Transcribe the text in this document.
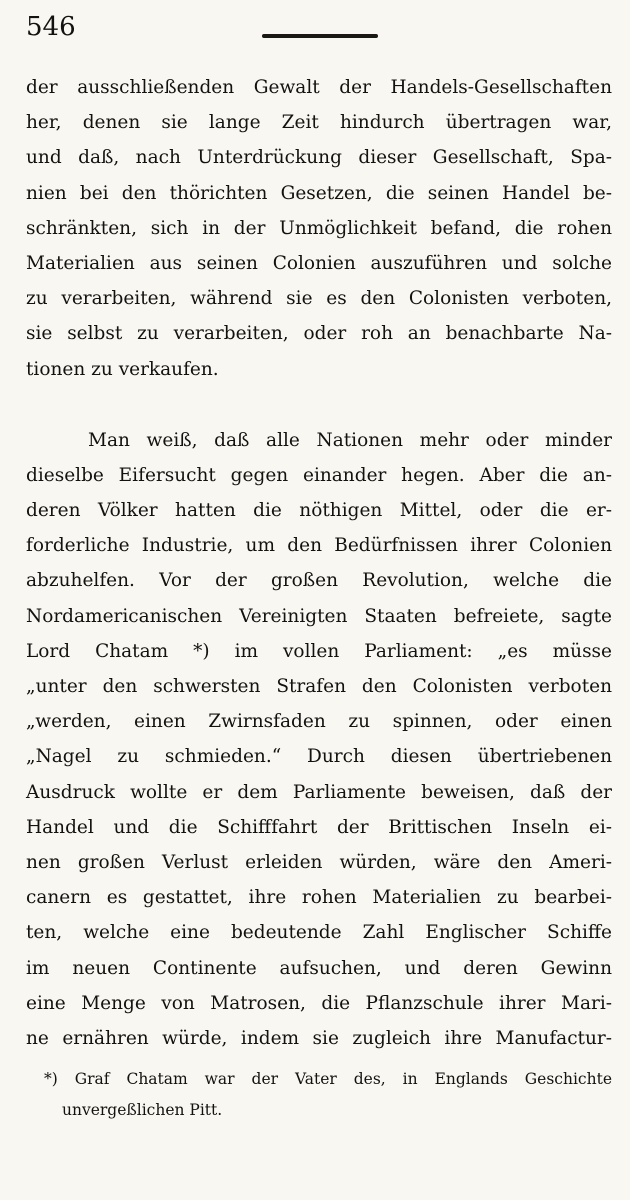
546
der ausschließenden Gewalt der Handels-Gesellschaften
her, denen sie lange Zeit hindurch übertragen war,
und daß, nach Unterdrückung dieser Gesellschaft, Spa-
nien bei den thörichten Gesetzen, die seinen Handel be-
schränkten, sich in der Unmöglichkeit befand, die rohen
Materialien aus seinen Colonien auszuführen und solche
zu verarbeiten, während sie es den Colonisten verboten,
sie selbst zu verarbeiten, oder roh an benachbarte Na-
tionen zu verkaufen.
Man weiß, daß alle Nationen mehr oder minder
dieselbe Eifersucht gegen einander hegen. Aber die an-
deren Völker hatten die nöthigen Mittel, oder die er-
forderliche Industrie, um den Bedürfnissen ihrer Colonien
abzuhelfen. Vor der großen Revolution, welche die
Nordamericanischen Vereinigten Staaten befreiete, sagte
Lord Chatam *) im vollen Parliament: „es müsse
„unter den schwersten Strafen den Colonisten verboten
„werden, einen Zwirnsfaden zu spinnen, oder einen
„Nagel zu schmieden.“ Durch diesen übertriebenen
Ausdruck wollte er dem Parliamente beweisen, daß der
Handel und die Schifffahrt der Brittischen Inseln ei-
nen großen Verlust erleiden würden, wäre den Ameri-
canern es gestattet, ihre rohen Materialien zu bearbei-
ten, welche eine bedeutende Zahl Englischer Schiffe
im neuen Continente aufsuchen, und deren Gewinn
eine Menge von Matrosen, die Pflanzschule ihrer Mari-
ne ernähren würde, indem sie zugleich ihre Manufactur-
*) Graf Chatam war der Vater des, in Englands Geschichte
unvergeßlichen Pitt.
